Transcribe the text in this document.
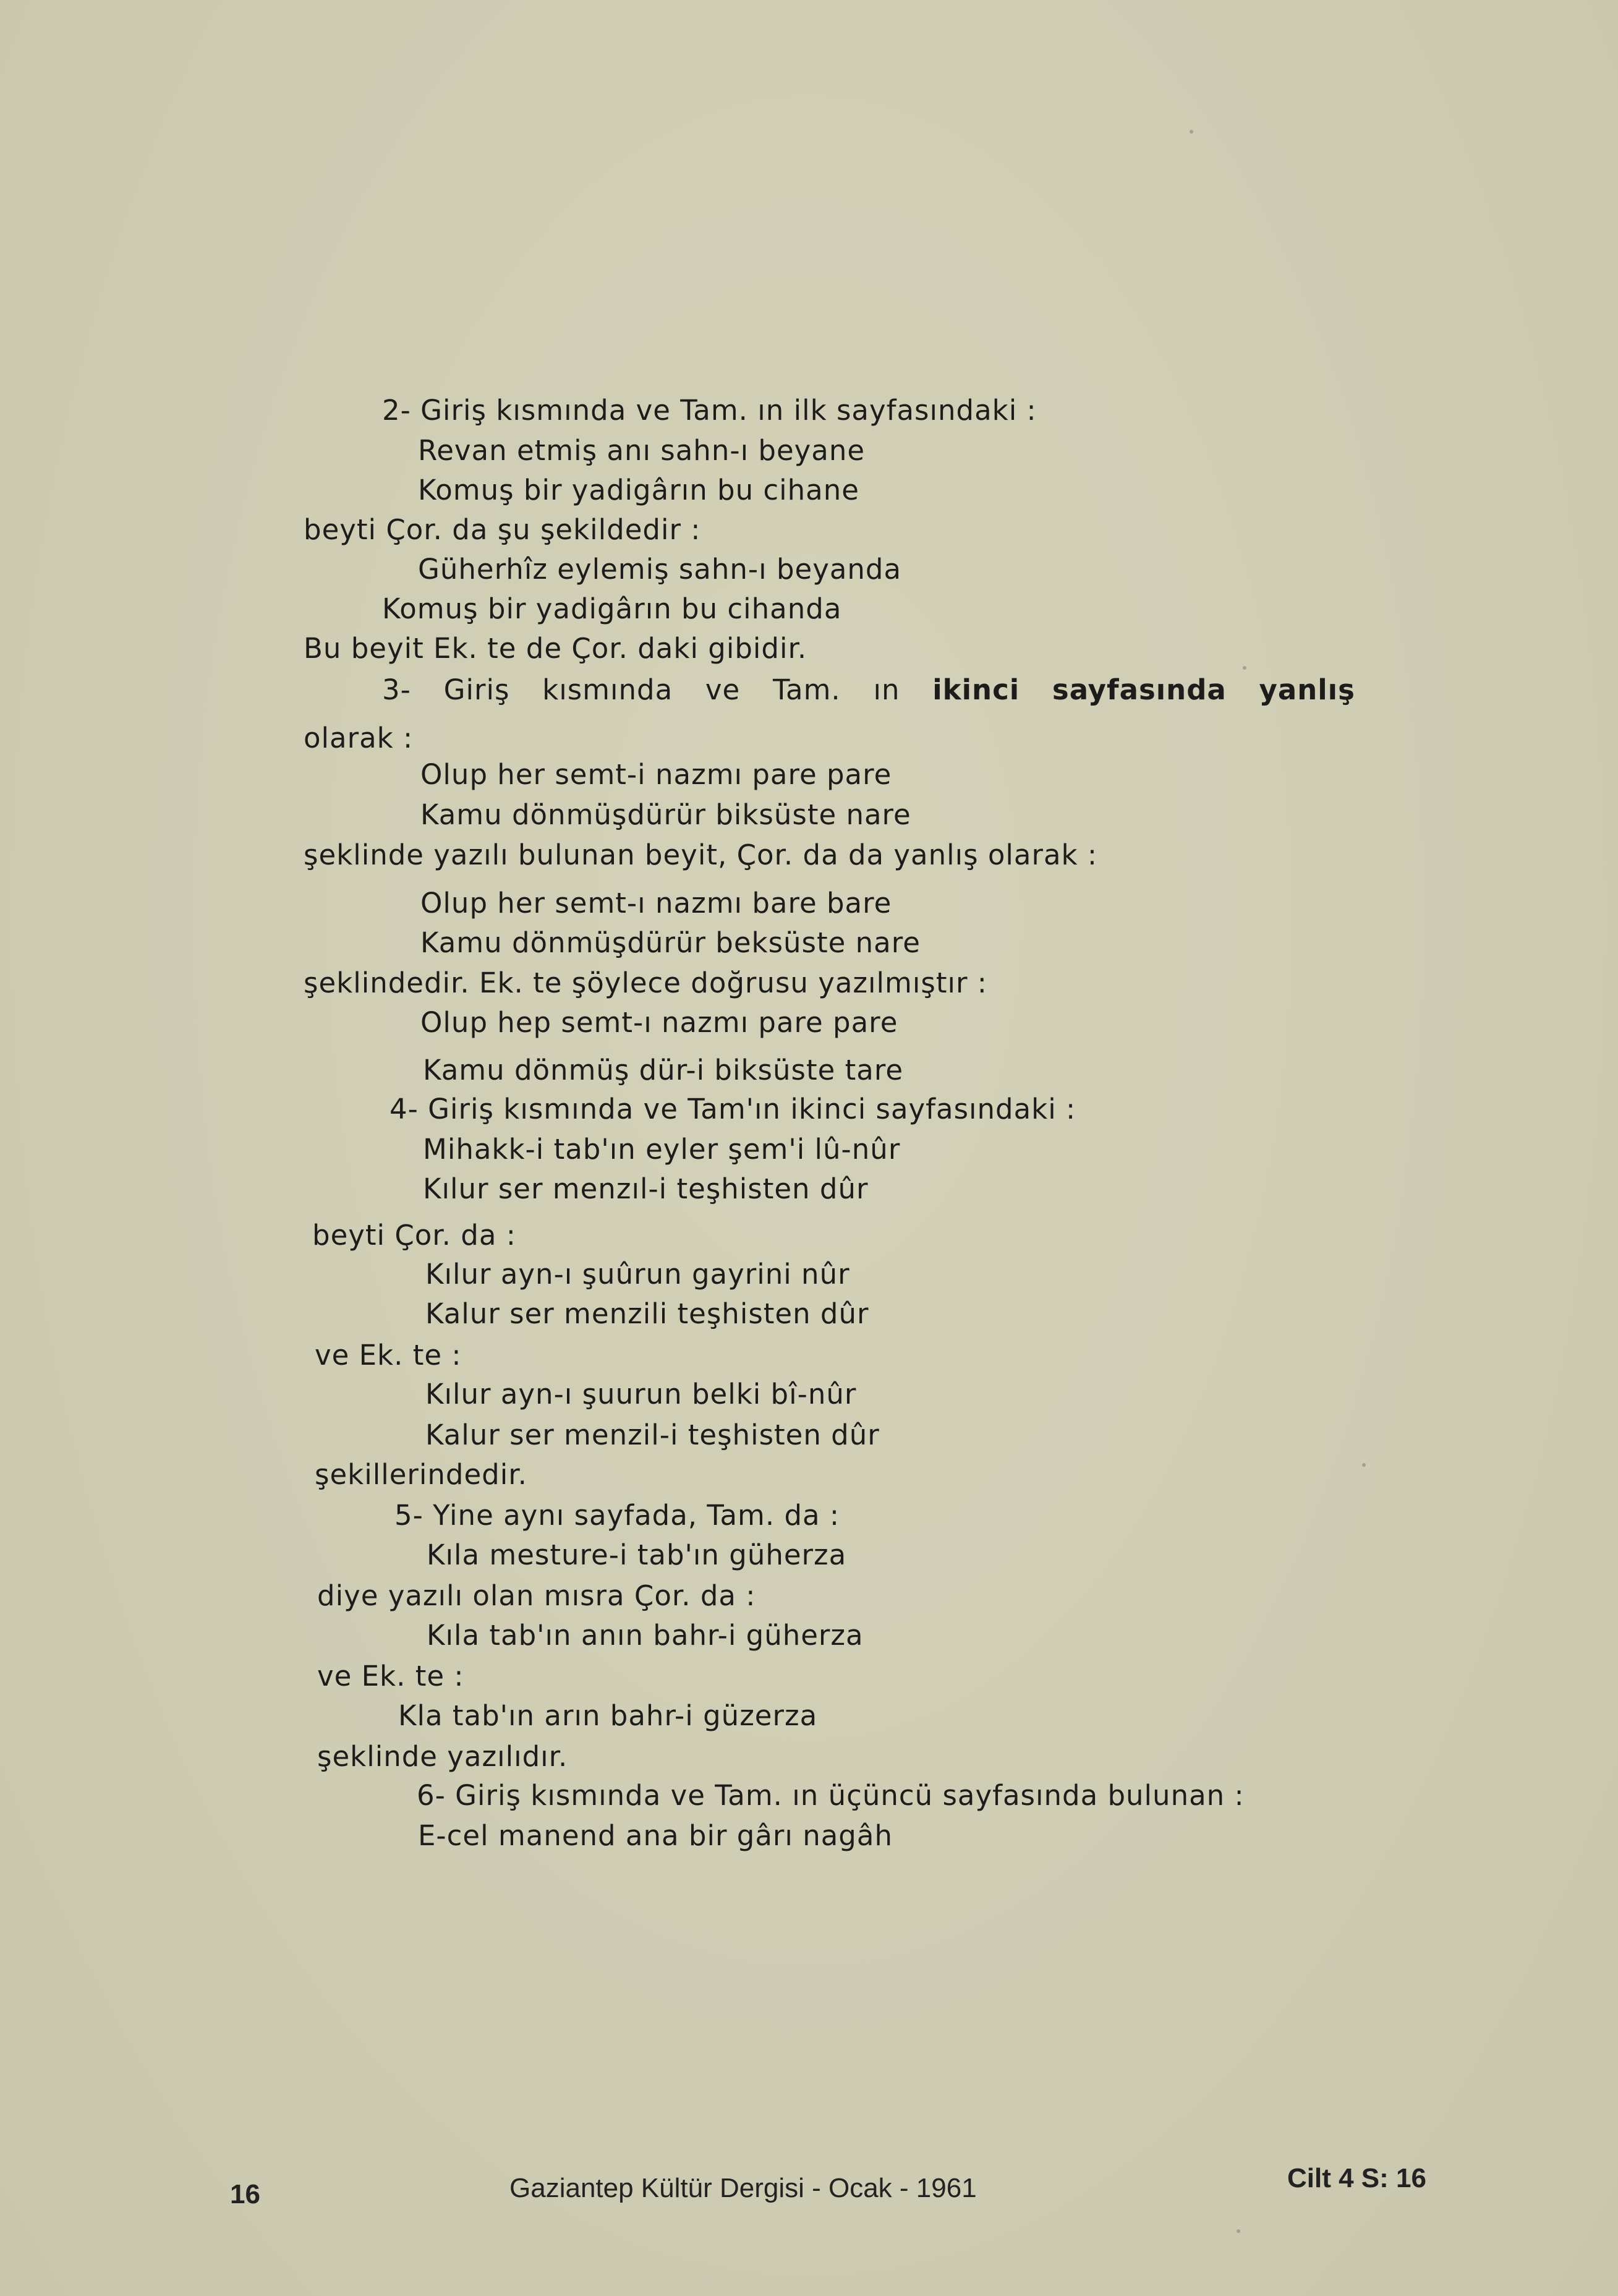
2- Giriş kısmında ve Tam. ın ilk sayfasındaki :
Revan etmiş anı sahn-ı beyane
Komuş bir yadigârın bu cihane
beyti Çor. da şu şekildedir :
Güherhîz eylemiş sahn-ı beyanda
Komuş bir yadigârın bu cihanda
Bu beyit Ek. te de Çor. daki gibidir.
3- Giriş kısmında ve Tam. ın ikinci sayfasında yanlış
olarak :
Olup her semt-i nazmı pare pare
Kamu dönmüşdürür biksüste nare
şeklinde yazılı bulunan beyit, Çor. da da yanlış olarak :
Olup her semt-ı nazmı bare bare
Kamu dönmüşdürür beksüste nare
şeklindedir. Ek. te şöylece doğrusu yazılmıştır :
Olup hep semt-ı nazmı pare pare
Kamu dönmüş dür-i biksüste tare
4- Giriş kısmında ve Tam'ın ikinci sayfasındaki :
Mihakk-i tab'ın eyler şem'i lû-nûr
Kılur ser menzıl-i teşhisten dûr
beyti Çor. da :
Kılur ayn-ı şuûrun gayrini nûr
Kalur ser menzili teşhisten dûr
ve Ek. te :
Kılur ayn-ı şuurun belki bî-nûr
Kalur ser menzil-i teşhisten dûr
şekillerindedir.
5- Yine aynı sayfada, Tam. da :
Kıla mesture-i tab'ın güherza
diye yazılı olan mısra Çor. da :
Kıla tab'ın anın bahr-i güherza
ve Ek. te :
Kla tab'ın arın bahr-i güzerza
şeklinde yazılıdır.
6- Giriş kısmında ve Tam. ın üçüncü sayfasında bulunan :
E-cel manend ana bir gârı nagâh
16	Gaziantep Kültür Dergisi - Ocak - 1961	Cilt 4 S: 16
